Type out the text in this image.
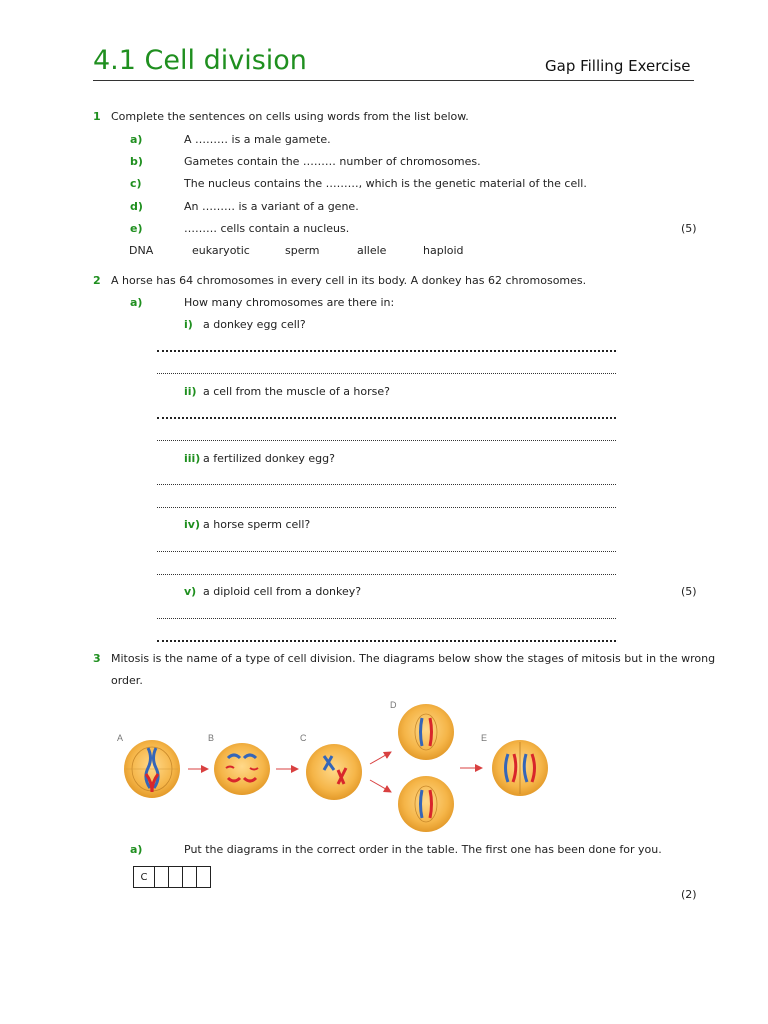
4.1 Cell division	Gap Filling Exercise
1 Complete the sentences on cells using words from the list below.
a)	A ……… is a male gamete.
b)	Gametes contain the ……… number of chromosomes.
c)	The nucleus contains the ………, which is the genetic material of the cell.
d)	An ……… is a variant of a gene.
e)	……… cells contain a nucleus.	(5)
DNA	eukaryotic	sperm	allele	haploid
2 A horse has 64 chromosomes in every cell in its body. A donkey has 62 chromosomes.
a)	How many chromosomes are there in:
i) a donkey egg cell?
ii) a cell from the muscle of a horse?
iii) a fertilized donkey egg?
iv) a horse sperm cell?
v) a diploid cell from a donkey?	(5)
3 Mitosis is the name of a type of cell division. The diagrams below show the stages of mitosis but in the wrong
order.
A	B	C
D
E
a)	Put the diagrams in the correct order in the table. The first one has been done for you.
C				
(2)
